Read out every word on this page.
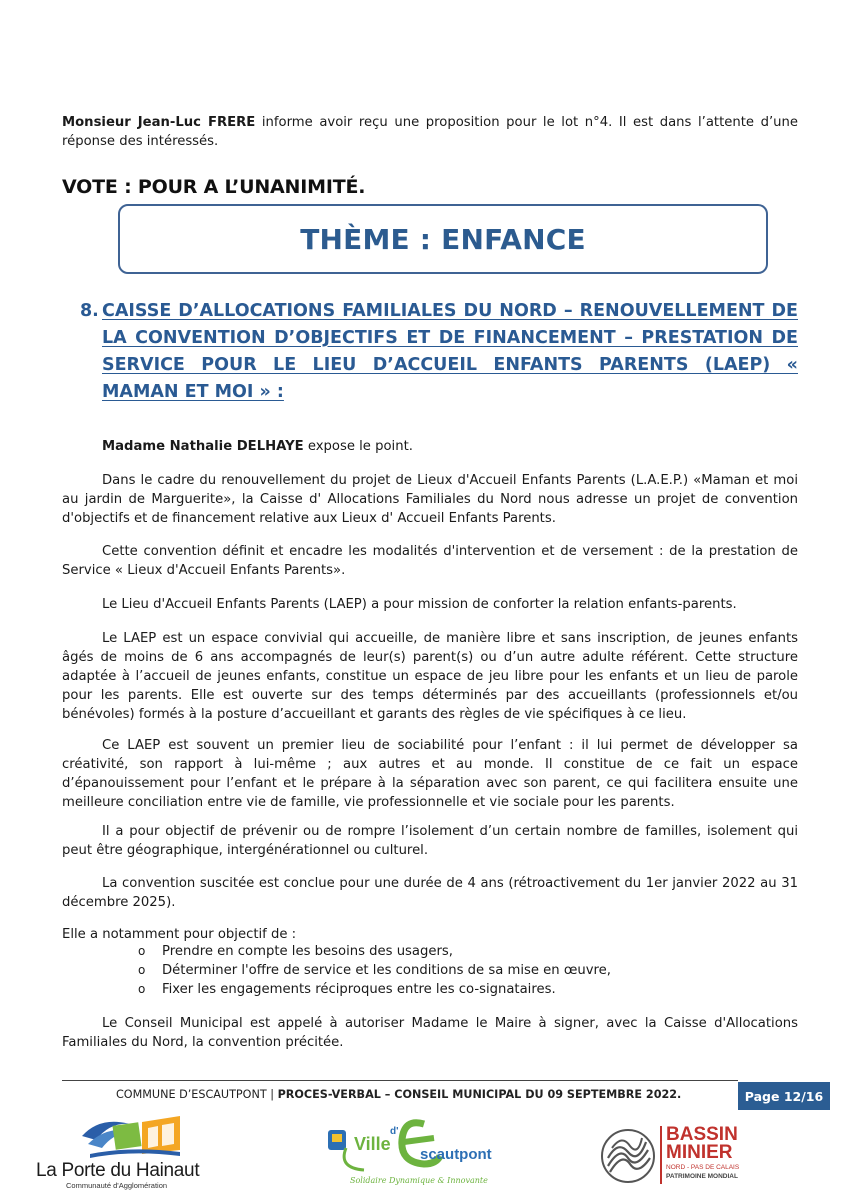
Monsieur Jean-Luc FRERE informe avoir reçu une proposition pour le lot n°4. Il est dans l’attente d’une réponse des intéressés.

VOTE : POUR A L’UNANIMITÉ.
THÈME : ENFANCE
8. CAISSE D’ALLOCATIONS FAMILIALES DU NORD – RENOUVELLEMENT DE LA CONVENTION D’OBJECTIFS ET DE FINANCEMENT – PRESTATION DE SERVICE POUR LE LIEU D’ACCUEIL ENFANTS PARENTS (LAEP) « MAMAN ET MOI » :

Madame Nathalie DELHAYE expose le point.

Dans le cadre du renouvellement du projet de Lieux d'Accueil Enfants Parents (L.A.E.P.) «Maman et moi au jardin de Marguerite», la Caisse d' Allocations Familiales du Nord nous adresse un projet de convention d'objectifs et de financement relative aux Lieux d' Accueil Enfants Parents.

Cette convention définit et encadre les modalités d'intervention et de versement : de la prestation de Service « Lieux d'Accueil Enfants Parents».

Le Lieu d'Accueil Enfants Parents (LAEP) a pour mission de conforter la relation enfants-parents.

Le LAEP est un espace convivial qui accueille, de manière libre et sans inscription, de jeunes enfants âgés de moins de 6 ans accompagnés de leur(s) parent(s) ou d’un autre adulte référent. Cette structure adaptée à l’accueil de jeunes enfants, constitue un espace de jeu libre pour les enfants et un lieu de parole pour les parents. Elle est ouverte sur des temps déterminés par des accueillants (professionnels et/ou bénévoles) formés à la posture d’accueillant et garants des règles de vie spécifiques à ce lieu.

Ce LAEP est souvent un premier lieu de sociabilité pour l’enfant : il lui permet de développer sa créativité, son rapport à lui-même ; aux autres et au monde. Il constitue de ce fait un espace d’épanouissement pour l’enfant et le prépare à la séparation avec son parent, ce qui facilitera ensuite une meilleure conciliation entre vie de famille, vie professionnelle et vie sociale pour les parents.

Il a pour objectif de prévenir ou de rompre l’isolement d’un certain nombre de familles, isolement qui peut être géographique, intergénérationnel ou culturel.

La convention suscitée est conclue pour une durée de 4 ans (rétroactivement du 1er janvier 2022 au 31 décembre 2025).

Elle a notamment pour objectif de :

o Prendre en compte les besoins des usagers,
o Déterminer l'offre de service et les conditions de sa mise en œuvre,
o Fixer les engagements réciproques entre les co-signataires.

Le Conseil Municipal est appelé à autoriser Madame le Maire à signer, avec la Caisse d'Allocations Familiales du Nord, la convention précitée.

COMMUNE D’ESCAUTPONT | PROCES-VERBAL – CONSEIL MUNICIPAL DU 09 SEPTEMBRE 2022.	Page 12/16
La Porte du Hainaut
Communauté d'Agglomération
Ville
d'
scautpont
Solidaire Dynamique & Innovante
BASSIN
MINIER
NORD - PAS DE CALAIS
PATRIMOINE MONDIAL
